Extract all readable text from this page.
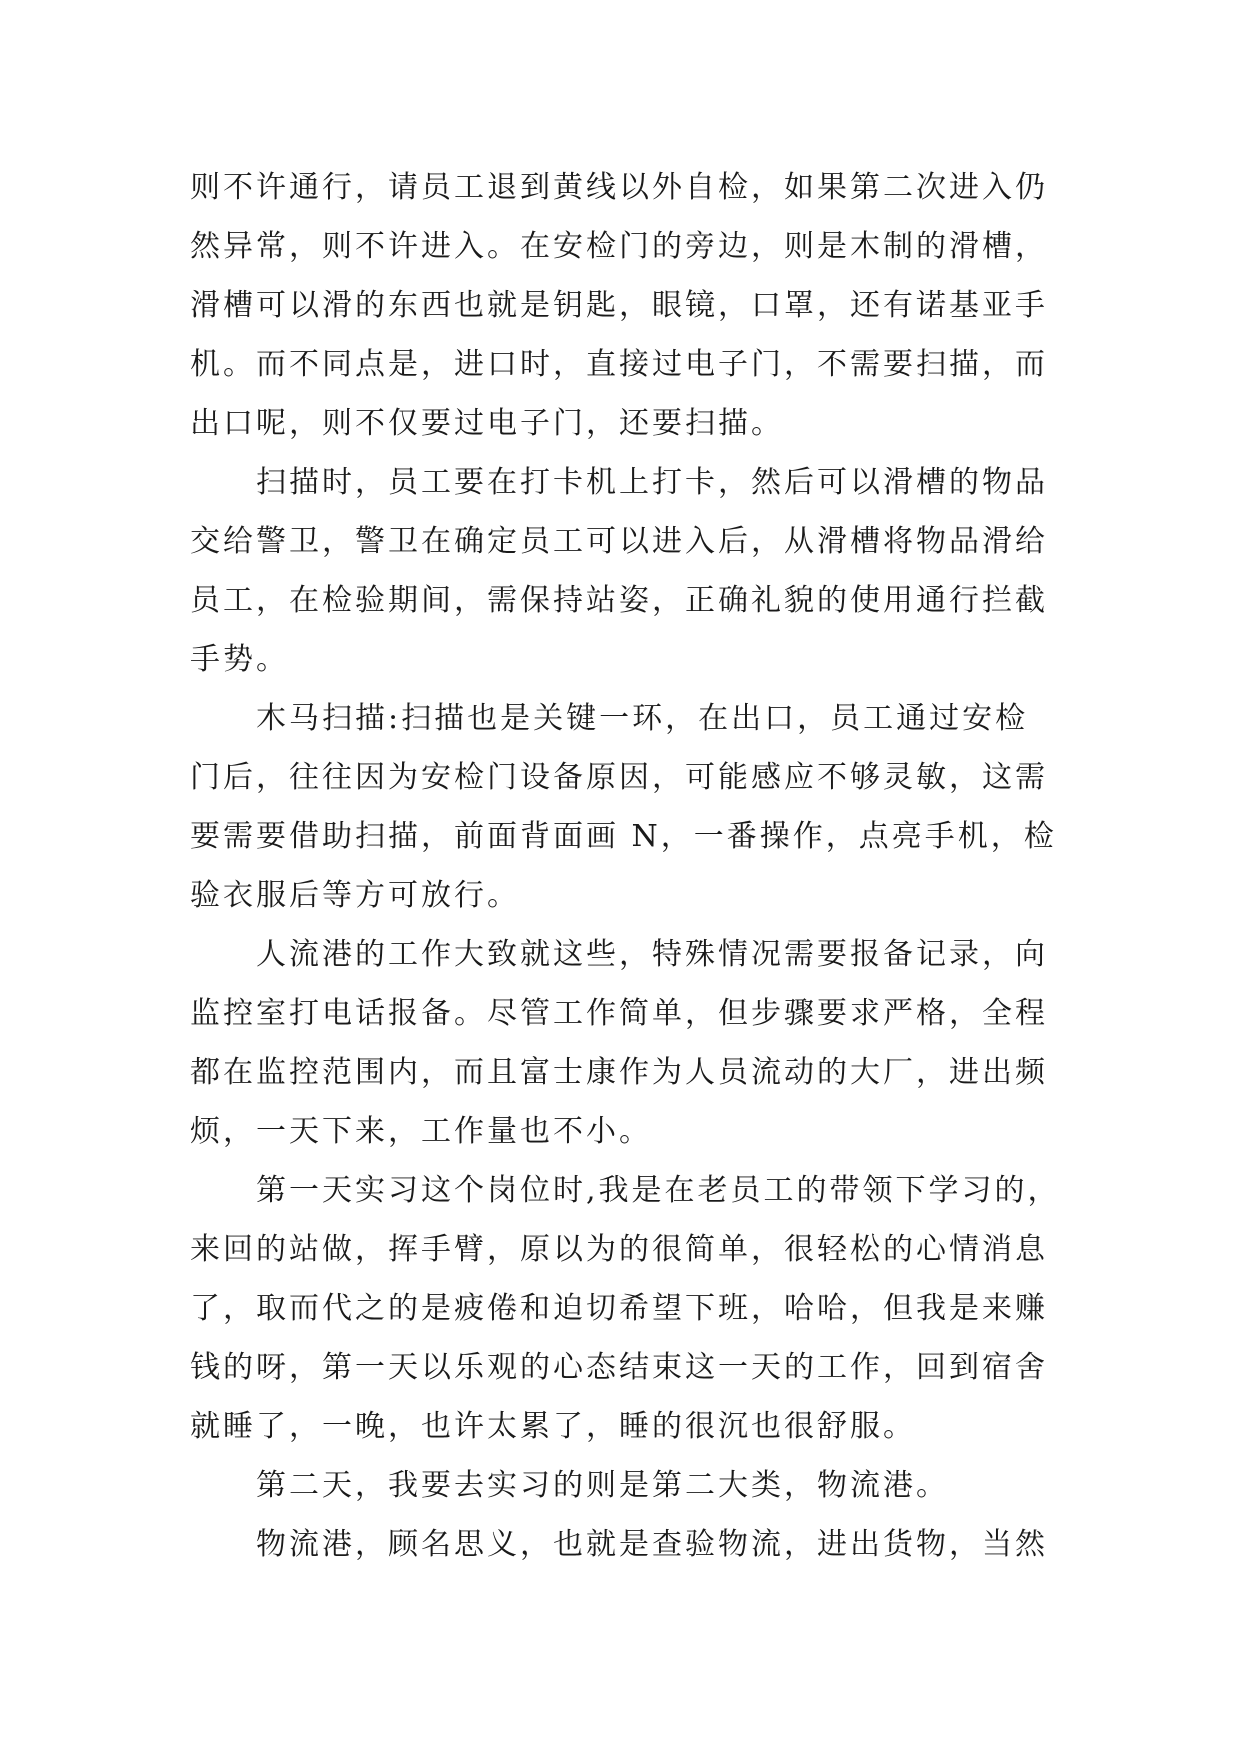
则不许通行，请员工退到黄线以外自检，如果第二次进入仍
然异常，则不许进入。在安检门的旁边，则是木制的滑槽，
滑槽可以滑的东西也就是钥匙，眼镜，口罩，还有诺基亚手
机。而不同点是，进口时，直接过电子门，不需要扫描，而
出口呢，则不仅要过电子门，还要扫描。
扫描时，员工要在打卡机上打卡，然后可以滑槽的物品
交给警卫，警卫在确定员工可以进入后，从滑槽将物品滑给
员工，在检验期间，需保持站姿，正确礼貌的使用通行拦截
手势。
木马扫描:扫描也是关键一环，在出口，员工通过安检
门后，往往因为安检门设备原因，可能感应不够灵敏，这需
要需要借助扫描，前面背面画 N，一番操作，点亮手机，检
验衣服后等方可放行。
人流港的工作大致就这些，特殊情况需要报备记录，向
监控室打电话报备。尽管工作简单，但步骤要求严格，全程
都在监控范围内，而且富士康作为人员流动的大厂，进出频
烦，一天下来，工作量也不小。
第一天实习这个岗位时,我是在老员工的带领下学习的，
来回的站做，挥手臂，原以为的很简单，很轻松的心情消息
了，取而代之的是疲倦和迫切希望下班，哈哈，但我是来赚
钱的呀，第一天以乐观的心态结束这一天的工作，回到宿舍
就睡了，一晚，也许太累了，睡的很沉也很舒服。
第二天，我要去实习的则是第二大类，物流港。
物流港，顾名思义，也就是查验物流，进出货物，当然
